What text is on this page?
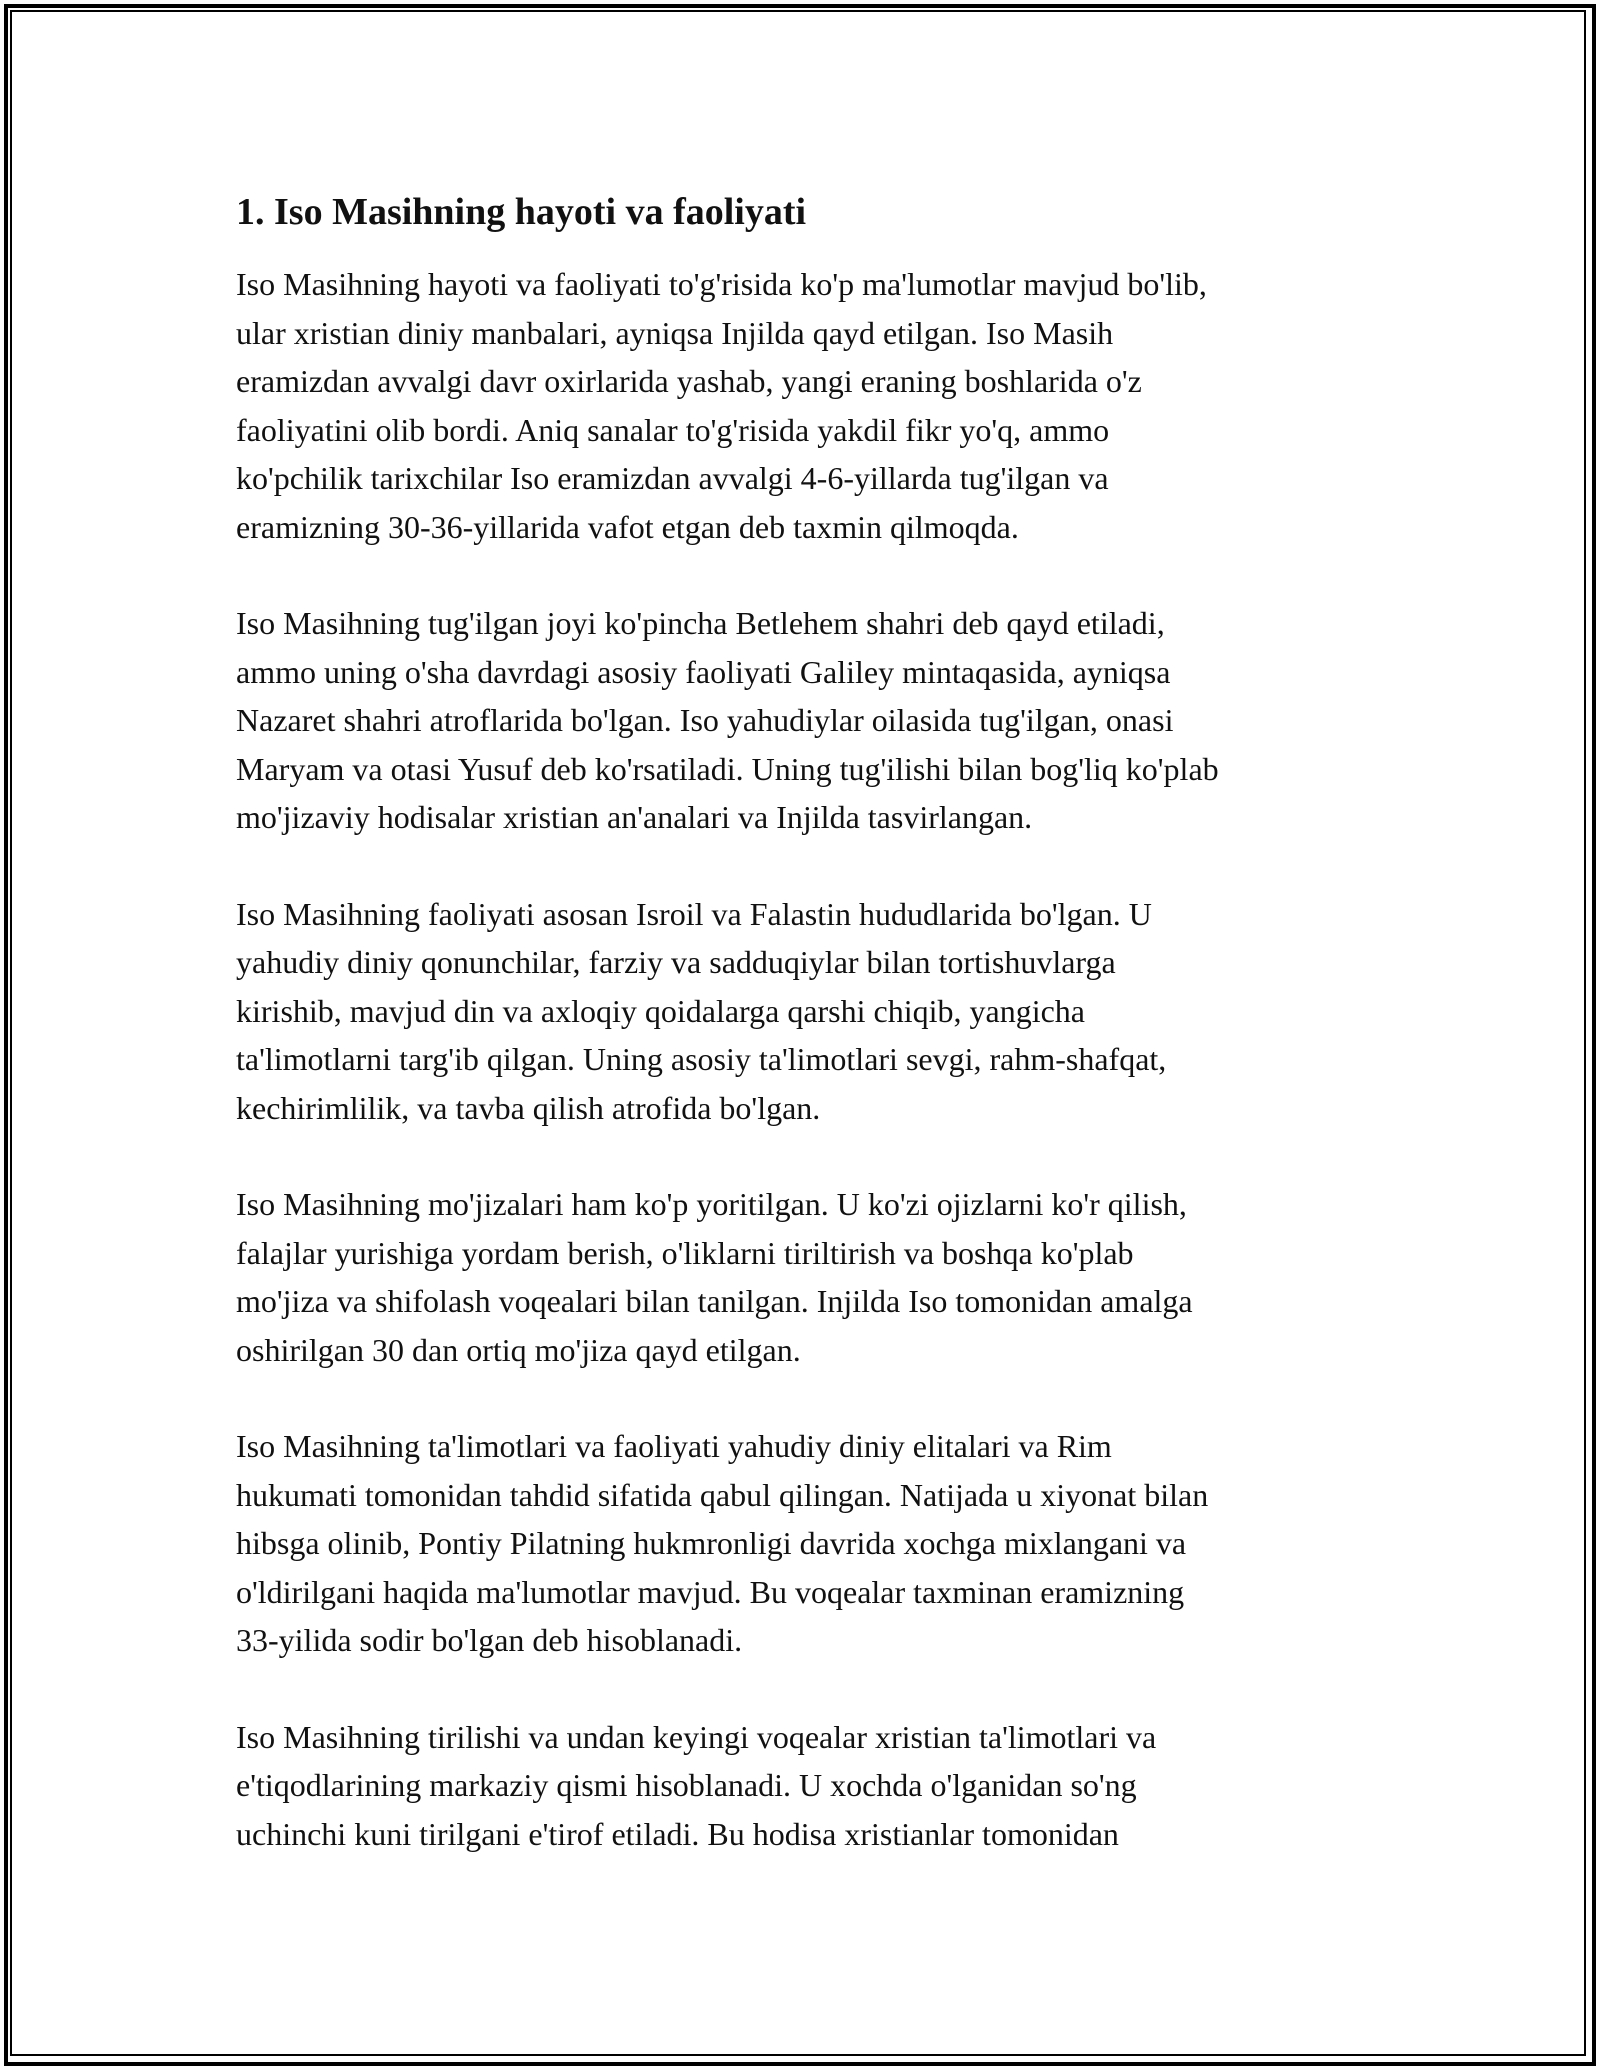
1. Iso Masihning hayoti va faoliyati

Iso Masihning hayoti va faoliyati to'g'risida ko'p ma'lumotlar mavjud bo'lib,
ular xristian diniy manbalari, ayniqsa Injilda qayd etilgan. Iso Masih
eramizdan avvalgi davr oxirlarida yashab, yangi eraning boshlarida o'z
faoliyatini olib bordi. Aniq sanalar to'g'risida yakdil fikr yo'q, ammo
ko'pchilik tarixchilar Iso eramizdan avvalgi 4-6-yillarda tug'ilgan va
eramizning 30-36-yillarida vafot etgan deb taxmin qilmoqda.

Iso Masihning tug'ilgan joyi ko'pincha Betlehem shahri deb qayd etiladi,
ammo uning o'sha davrdagi asosiy faoliyati Galiley mintaqasida, ayniqsa
Nazaret shahri atroflarida bo'lgan. Iso yahudiylar oilasida tug'ilgan, onasi
Maryam va otasi Yusuf deb ko'rsatiladi. Uning tug'ilishi bilan bog'liq ko'plab
mo'jizaviy hodisalar xristian an'analari va Injilda tasvirlangan.

Iso Masihning faoliyati asosan Isroil va Falastin hududlarida bo'lgan. U
yahudiy diniy qonunchilar, farziy va sadduqiylar bilan tortishuvlarga
kirishib, mavjud din va axloqiy qoidalarga qarshi chiqib, yangicha
ta'limotlarni targ'ib qilgan. Uning asosiy ta'limotlari sevgi, rahm-shafqat,
kechirimlilik, va tavba qilish atrofida bo'lgan.

Iso Masihning mo'jizalari ham ko'p yoritilgan. U ko'zi ojizlarni ko'r qilish,
falajlar yurishiga yordam berish, o'liklarni tiriltirish va boshqa ko'plab
mo'jiza va shifolash voqealari bilan tanilgan. Injilda Iso tomonidan amalga
oshirilgan 30 dan ortiq mo'jiza qayd etilgan.

Iso Masihning ta'limotlari va faoliyati yahudiy diniy elitalari va Rim
hukumati tomonidan tahdid sifatida qabul qilingan. Natijada u xiyonat bilan
hibsga olinib, Pontiy Pilatning hukmronligi davrida xochga mixlangani va
o'ldirilgani haqida ma'lumotlar mavjud. Bu voqealar taxminan eramizning
33-yilida sodir bo'lgan deb hisoblanadi.

Iso Masihning tirilishi va undan keyingi voqealar xristian ta'limotlari va
e'tiqodlarining markaziy qismi hisoblanadi. U xochda o'lganidan so'ng
uchinchi kuni tirilgani e'tirof etiladi. Bu hodisa xristianlar tomonidan
